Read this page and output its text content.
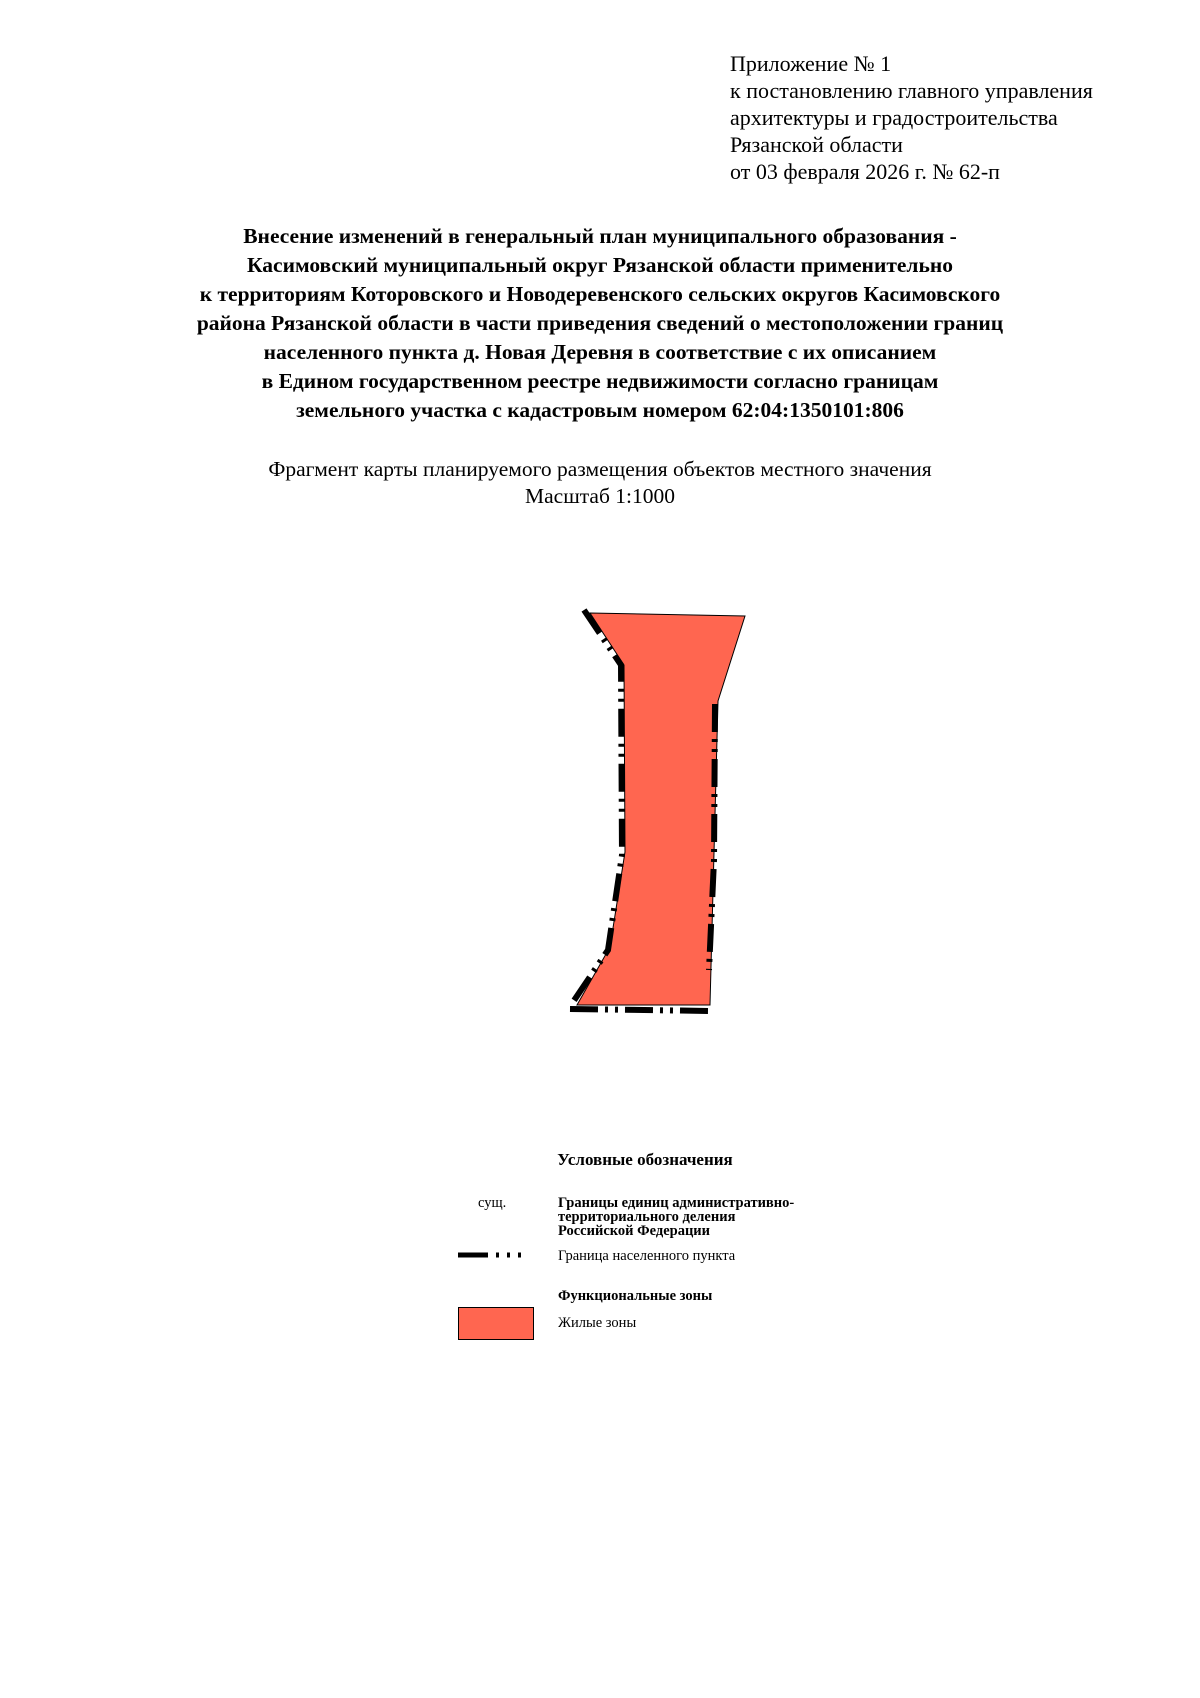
Приложение № 1
к постановлению главного управления
архитектуры и градостроительства
Рязанской области
от 03 февраля 2026 г. № 62-п
Внесение изменений в генеральный план муниципального образования -
Касимовский муниципальный округ Рязанской области применительно
к территориям Которовского и Новодеревенского сельских округов Касимовского
района Рязанской области в части приведения сведений о местоположении границ
населенного пункта д. Новая Деревня в соответствие с их описанием
в Едином государственном реестре недвижимости согласно границам
земельного участка с кадастровым номером 62:04:1350101:806
Фрагмент карты планируемого размещения объектов местного значения
Масштаб 1:1000
Условные обозначения
сущ.	Границы единиц административно-
территориального деления
Российской Федерации
Граница населенного пункта
Функциональные зоны
Жилые зоны
